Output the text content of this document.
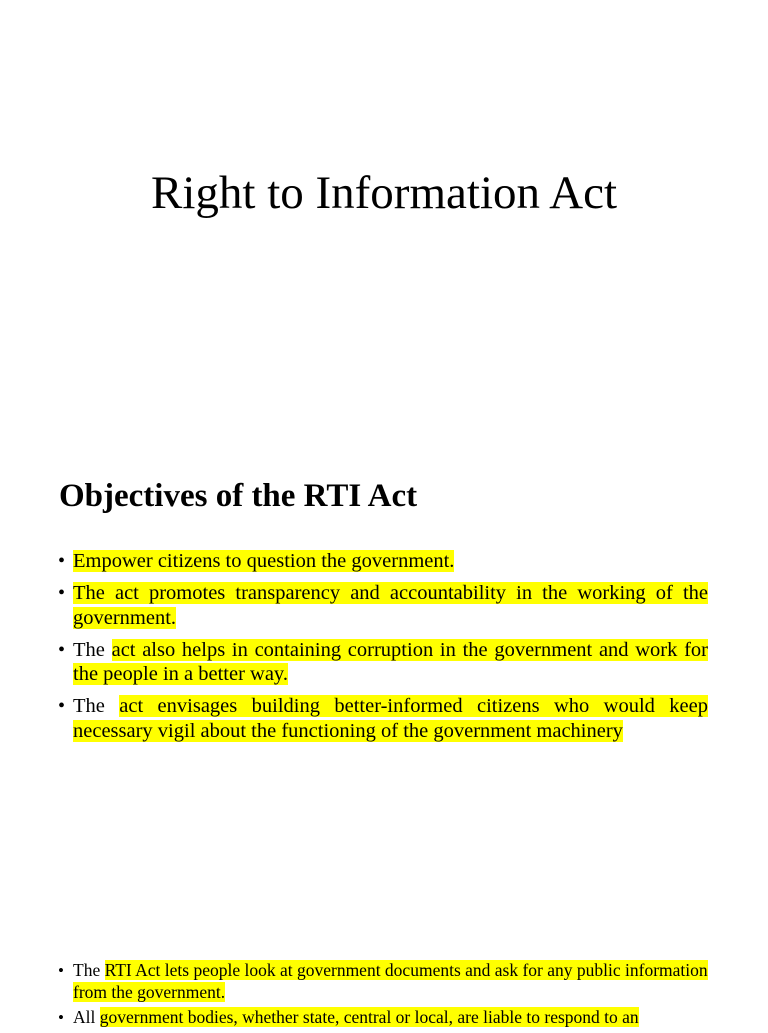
Right to Information Act
Objectives of the RTI Act
• Empower citizens to question the government.
• The act promotes transparency and accountability in the working of the government.
• The act also helps in containing corruption in the government and work for the people in a better way.
• The act envisages building better-informed citizens who would keep necessary vigil about the functioning of the government machinery
• The RTI Act lets people look at government documents and ask for any public information from the government.
• All government bodies, whether state, central or local, are liable to respond to an
